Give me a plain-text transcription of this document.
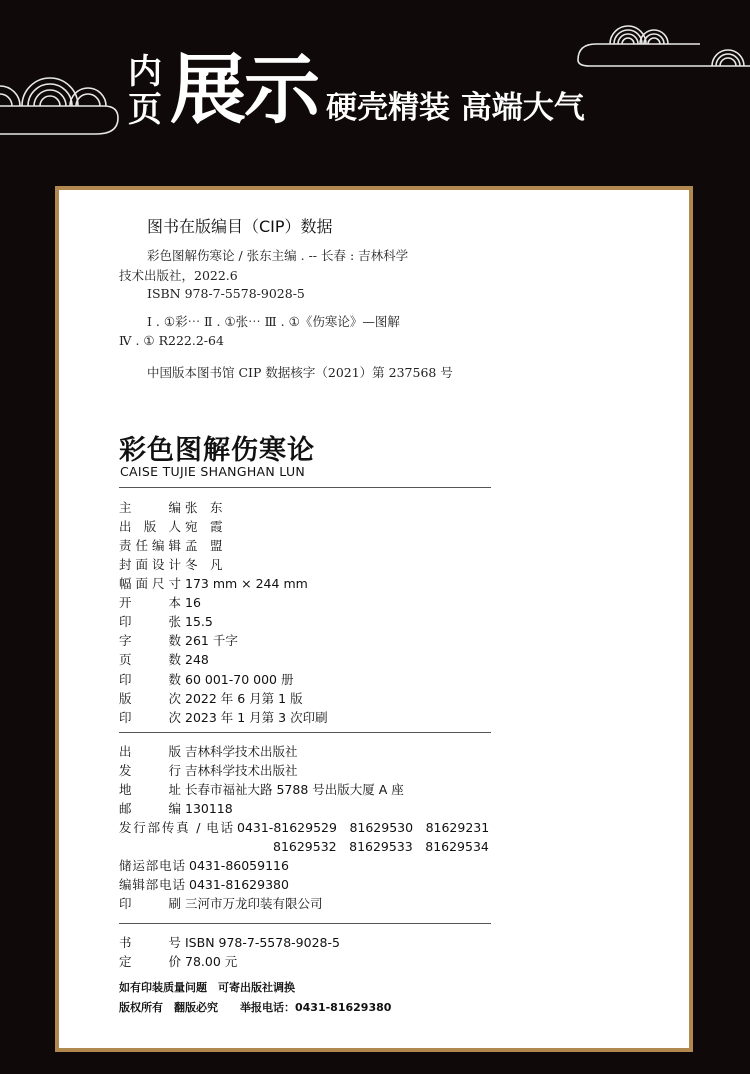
内
页 展示 硬壳精装 高端大气
图书在版编目（CIP）数据
彩色图解伤寒论 / 张东主编 . -- 长春 : 吉林科学
技术出版社，2022.6
ISBN 978-7-5578-9028-5
Ⅰ . ①彩⋯ Ⅱ . ①张⋯ Ⅲ . ①《伤寒论》—图解
Ⅳ . ① R222.2-64
中国版本图书馆 CIP 数据核字（2021）第 237568 号
彩色图解伤寒论
CAISE TUJIE SHANGHAN LUN
主编 张　东
出版人 宛　霞
责任编辑 孟　盟
封面设计 冬　凡
幅面尺寸 173 mm × 244 mm
开本 16
印张 15.5
字数 261 千字
页数 248
印数 60 001-70 000 册
版次 2022 年 6 月第 1 版
印次 2023 年 1 月第 3 次印刷
出版 吉林科学技术出版社
发行 吉林科学技术出版社
地址 长春市福祉大路 5788 号出版大厦 A 座
邮编 130118
发行部传真 / 电话 0431-81629529　81629530　81629231
81629532　81629533　81629534
储运部电话 0431-86059116
编辑部电话 0431-81629380
印刷 三河市万龙印装有限公司
书号 ISBN 978-7-5578-9028-5
定价 78.00 元
如有印装质量问题　可寄出版社调换
版权所有　翻版必究　　举报电话：0431-81629380
